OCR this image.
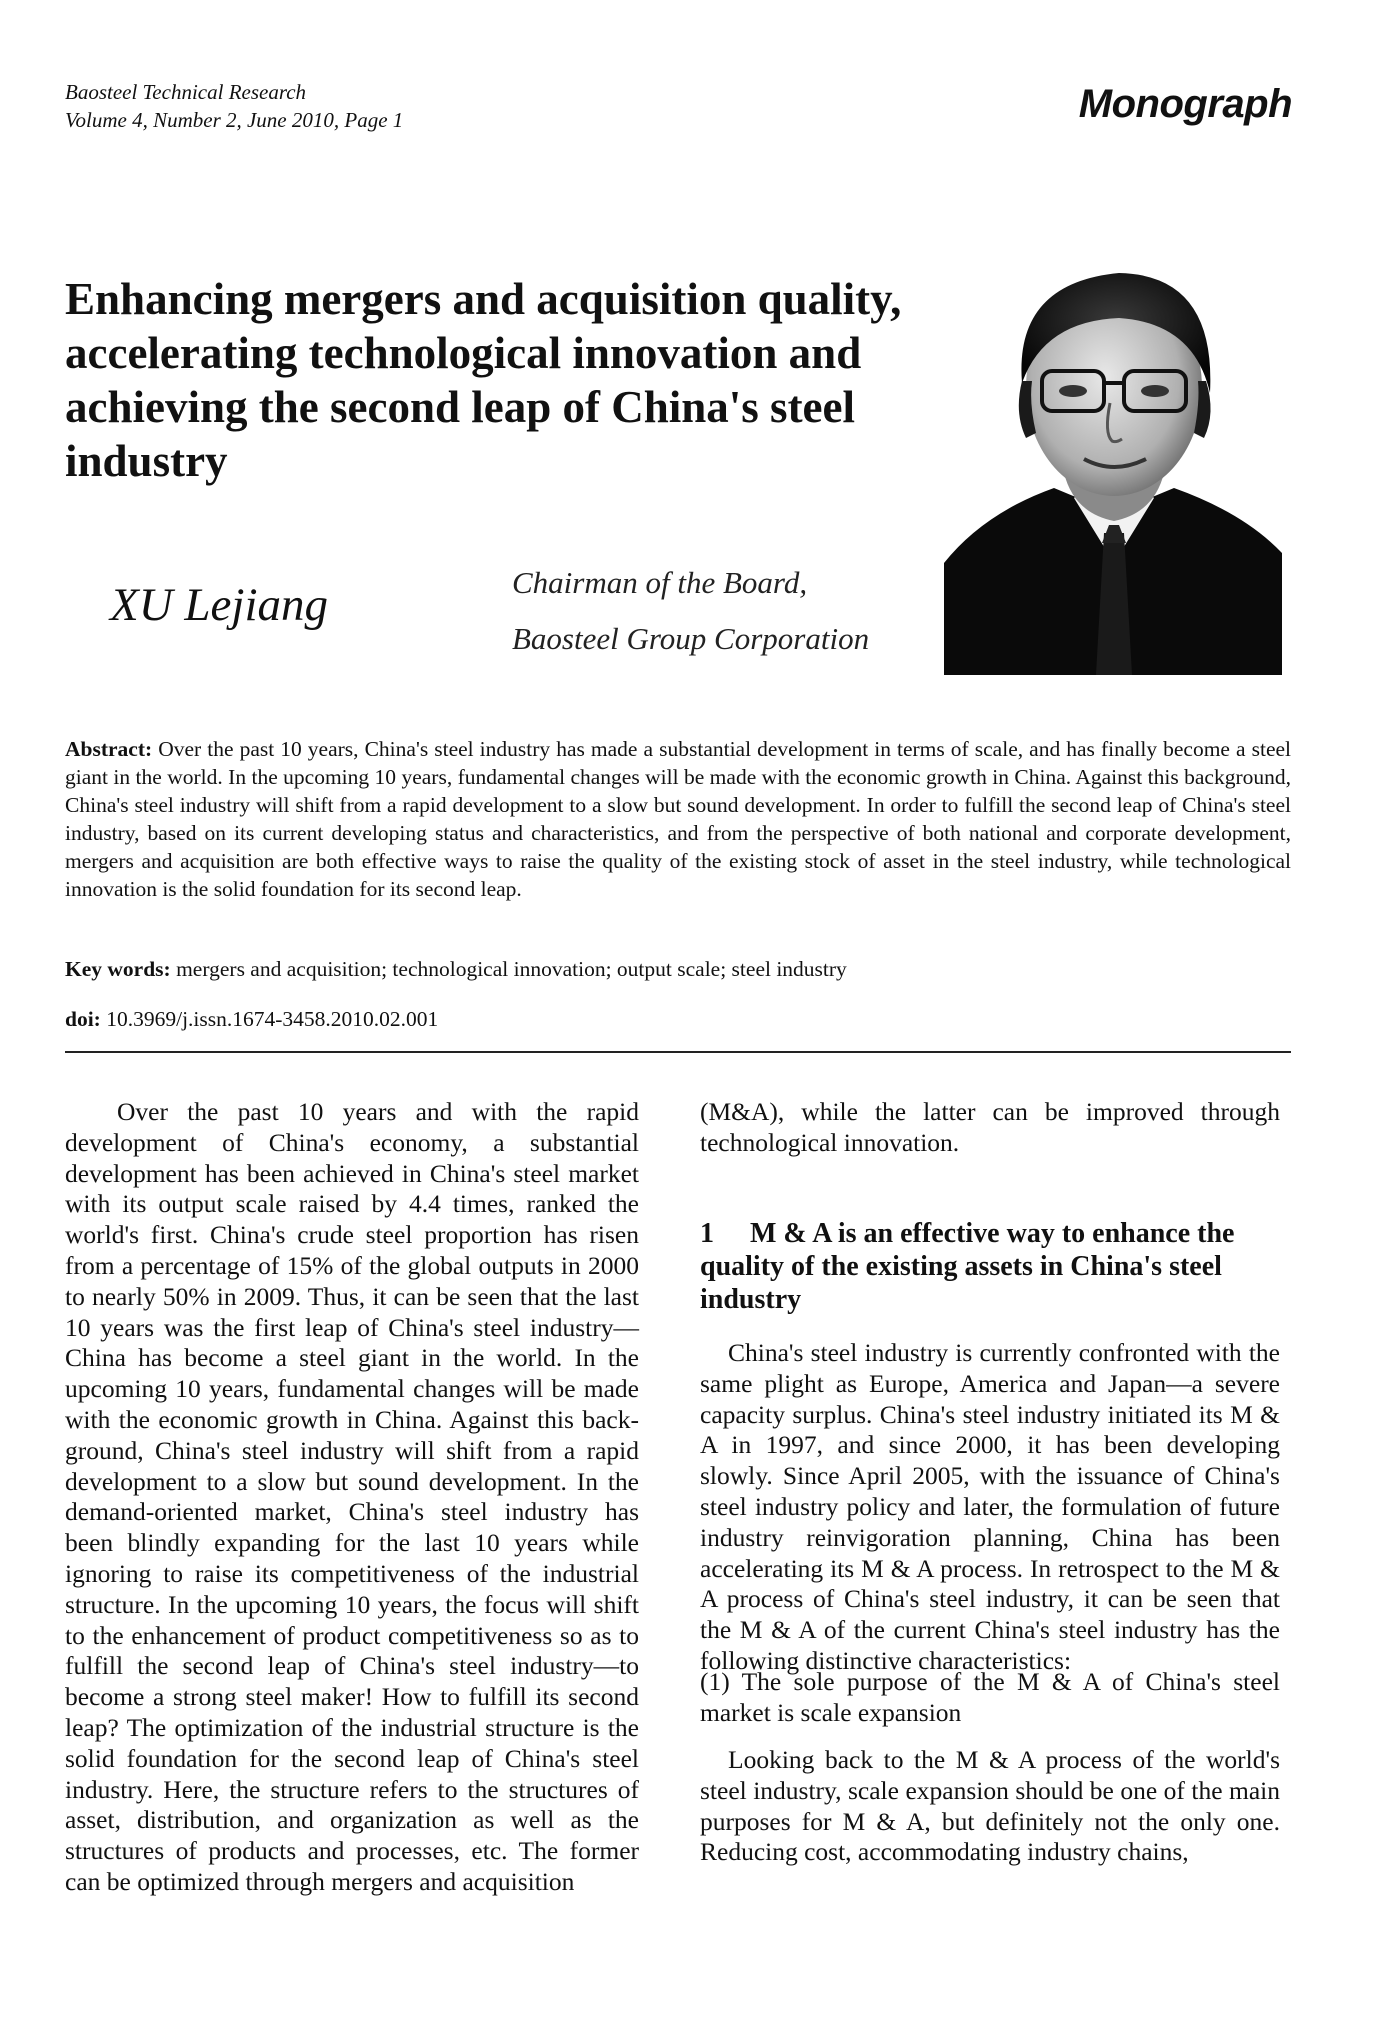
Baosteel Technical Research
Volume 4, Number 2, June 2010, Page 1	Monograph
Enhancing mergers and acquisition quality, accelerating technological innovation and achieving the second leap of China's steel industry
XU Lejiang	Chairman of the Board,
Baosteel Group Corporation

Abstract: Over the past 10 years, China's steel industry has made a substantial development in terms of scale, and has finally become a steel giant in the world. In the upcoming 10 years, fundamental changes will be made with the economic growth in China. Against this background, China's steel industry will shift from a rapid development to a slow but sound development. In order to fulfill the second leap of China's steel industry, based on its current developing status and characteristics, and from the perspective of both national and corporate development, mergers and acquisition are both effective ways to raise the quality of the existing stock of asset in the steel industry, while technological innovation is the solid foundation for its second leap.

Key words: mergers and acquisition; technological innovation; output scale; steel industry
doi: 10.3969/j.issn.1674-3458.2010.02.001

Over the past 10 years and with the rapid development of China's economy, a substantial development has been achieved in China's steel market with its output scale raised by 4.4 times, ranked the world's first. China's crude steel proportion has risen from a percentage of 15% of the global outputs in 2000 to nearly 50% in 2009. Thus, it can be seen that the last 10 years was the first leap of China's steel industry—China has become a steel giant in the world. In the upcoming 10 years, fundamental changes will be made with the economic growth in China. Against this back-ground, China's steel industry will shift from a rapid development to a slow but sound development. In the demand-oriented market, China's steel industry has been blindly expanding for the last 10 years while ignoring to raise its competitiveness of the industrial structure. In the upcoming 10 years, the focus will shift to the enhancement of product competitiveness so as to fulfill the second leap of China's steel industry—to become a strong steel maker! How to fulfill its second leap? The optimization of the industrial structure is the solid foundation for the second leap of China's steel industry. Here, the structure refers to the structures of asset, distribution, and organization as well as the structures of products and processes, etc. The former can be optimized through mergers and acquisition

(M&A), while the latter can be improved through technological innovation.

1 M & A is an effective way to enhance the quality of the existing assets in China's steel industry

China's steel industry is currently confronted with the same plight as Europe, America and Japan—a severe capacity surplus. China's steel industry initiated its M & A in 1997, and since 2000, it has been developing slowly. Since April 2005, with the issuance of China's steel industry policy and later, the formulation of future industry reinvigoration planning, China has been accelerating its M & A process. In retrospect to the M & A process of China's steel industry, it can be seen that the M & A of the current China's steel industry has the following distinctive characteristics:

(1) The sole purpose of the M & A of China's steel market is scale expansion

Looking back to the M & A process of the world's steel industry, scale expansion should be one of the main purposes for M & A, but definitely not the only one. Reducing cost, accommodating industry chains,
